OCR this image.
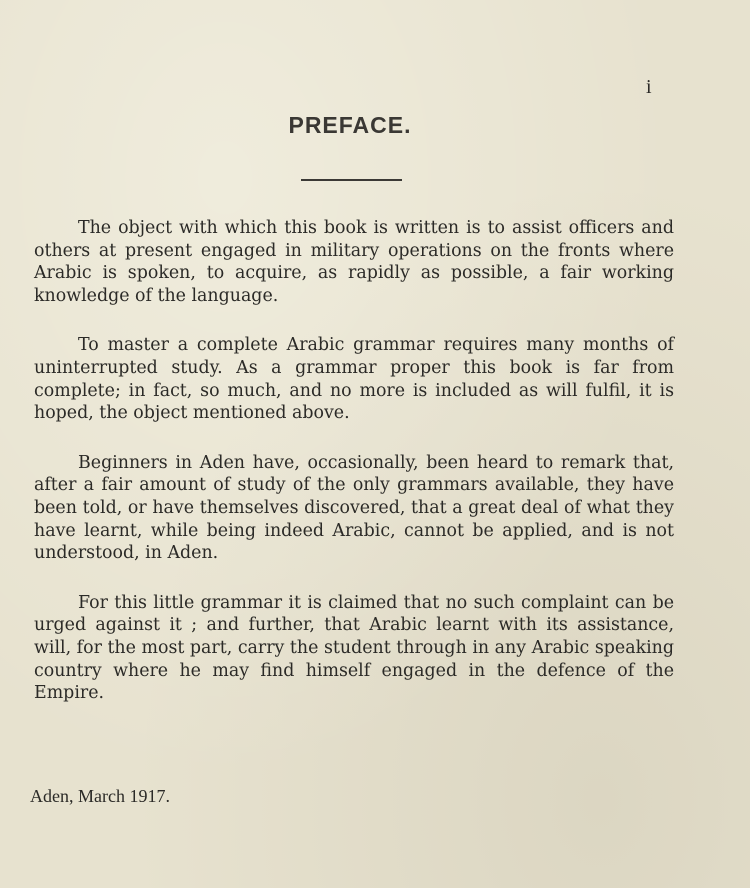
i
PREFACE.

The object with which this book is written is to assist officers and others at present engaged in military operations on the fronts where Arabic is spoken, to acquire, as rapidly as possible, a fair working knowledge of the language.

To master a complete Arabic grammar requires many months of uninterrupted study. As a grammar proper this book is far from complete; in fact, so much, and no more is included as will fulfil, it is hoped, the object mentioned above.

Beginners in Aden have, occasionally, been heard to remark that, after a fair amount of study of the only grammars available, they have been told, or have themselves discovered, that a great deal of what they have learnt, while being indeed Arabic, cannot be applied, and is not understood, in Aden.

For this little grammar it is claimed that no such complaint can be urged against it ; and further, that Arabic learnt with its assistance, will, for the most part, carry the student through in any Arabic speaking country where he may find himself engaged in the defence of the Empire.

Aden, March 1917.
